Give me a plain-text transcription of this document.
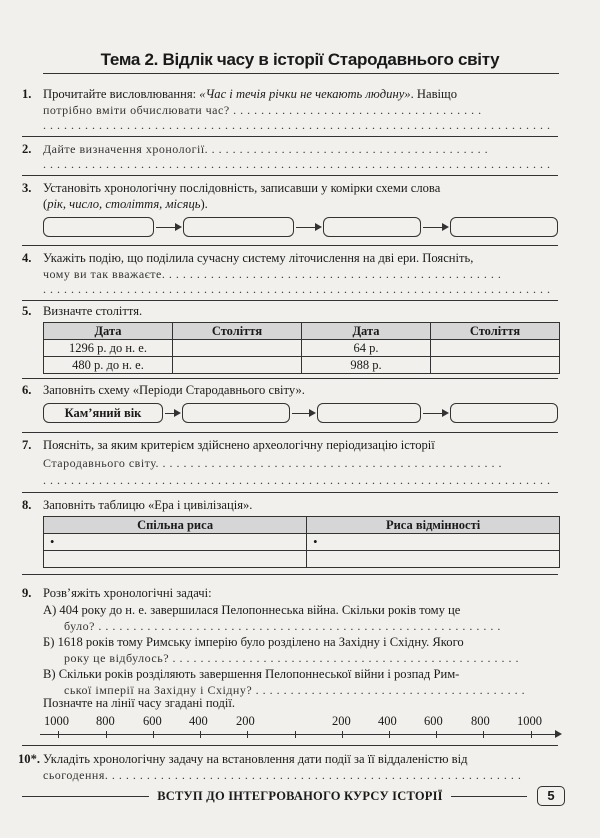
Тема 2. Відлік часу в історії Стародавнього світу
1. Прочитайте висловлювання: «Час і течія річки не чекають людину». Навіщо
потрібно вміти обчислювати час? . . . . . . . . . . . . . . . . . . . . . . . . . . . . . . . . . . . .
. . . . . . . . . . . . . . . . . . . . . . . . . . . . . . . . . . . . . . . . . . . . . . . . . . . . . . . . . . . . . . . . . . . . . . . . .
2. Дайте визначення хронології. . . . . . . . . . . . . . . . . . . . . . . . . . . . . . . . . . . . . . . . .
. . . . . . . . . . . . . . . . . . . . . . . . . . . . . . . . . . . . . . . . . . . . . . . . . . . . . . . . . . . . . . . . . . . . . . . . .
3. Установіть хронологічну послідовність, записавши у комірки схеми слова
(рік, число, століття, місяць).
4. Укажіть подію, що поділила сучасну систему літочислення на дві ери. Поясніть,
чому ви так вважаєте. . . . . . . . . . . . . . . . . . . . . . . . . . . . . . . . . . . . . . . . . . . . . . . . .
. . . . . . . . . . . . . . . . . . . . . . . . . . . . . . . . . . . . . . . . . . . . . . . . . . . . . . . . . . . . . . . . . . . . . . . . .
5. Визначте століття.
Дата	Століття	Дата	Століття
1296 р. до н. е.		64 р.	
480 р. до н. е.		988 р.	
6. Заповніть схему «Періоди Стародавнього світу».
Кам’яний вік
7. Поясніть, за яким критерієм здійснено археологічну періодизацію історії
Стародавнього світу. . . . . . . . . . . . . . . . . . . . . . . . . . . . . . . . . . . . . . . . . . . . . . . . . .
. . . . . . . . . . . . . . . . . . . . . . . . . . . . . . . . . . . . . . . . . . . . . . . . . . . . . . . . . . . . . . . . . . . . . . . . .
8. Заповніть таблицю «Ера і цивілізація».
Спільна риса	Риса відмінності
•	•

9. Розв’яжіть хронологічні задачі:
А) 404 року до н. е. завершилася Пелопоннеська війна. Скільки років тому це
було? . . . . . . . . . . . . . . . . . . . . . . . . . . . . . . . . . . . . . . . . . . . . . . . . . . . . . . . . . .
Б) 1618 років тому Римську імперію було розділено на Західну і Східну. Якого
року це відбулось? . . . . . . . . . . . . . . . . . . . . . . . . . . . . . . . . . . . . . . . . . . . . . . . . . .
В) Скільки років розділяють завершення Пелопоннеської війни і розпад Рим-
ської імперії на Західну і Східну? . . . . . . . . . . . . . . . . . . . . . . . . . . . . . . . . . . . . . . .
Позначте на лінії часу згадані події.
1000 800 600 400 200	200 400 600 800 1000
10*. Укладіть хронологічну задачу на встановлення дати події за її віддаленістю від
сьогодення. . . . . . . . . . . . . . . . . . . . . . . . . . . . . . . . . . . . . . . . . . . . . . . . . . . . . . . . . . . .
ВСТУП ДО ІНТЕГРОВАНОГО КУРСУ ІСТОРІЇ	5
